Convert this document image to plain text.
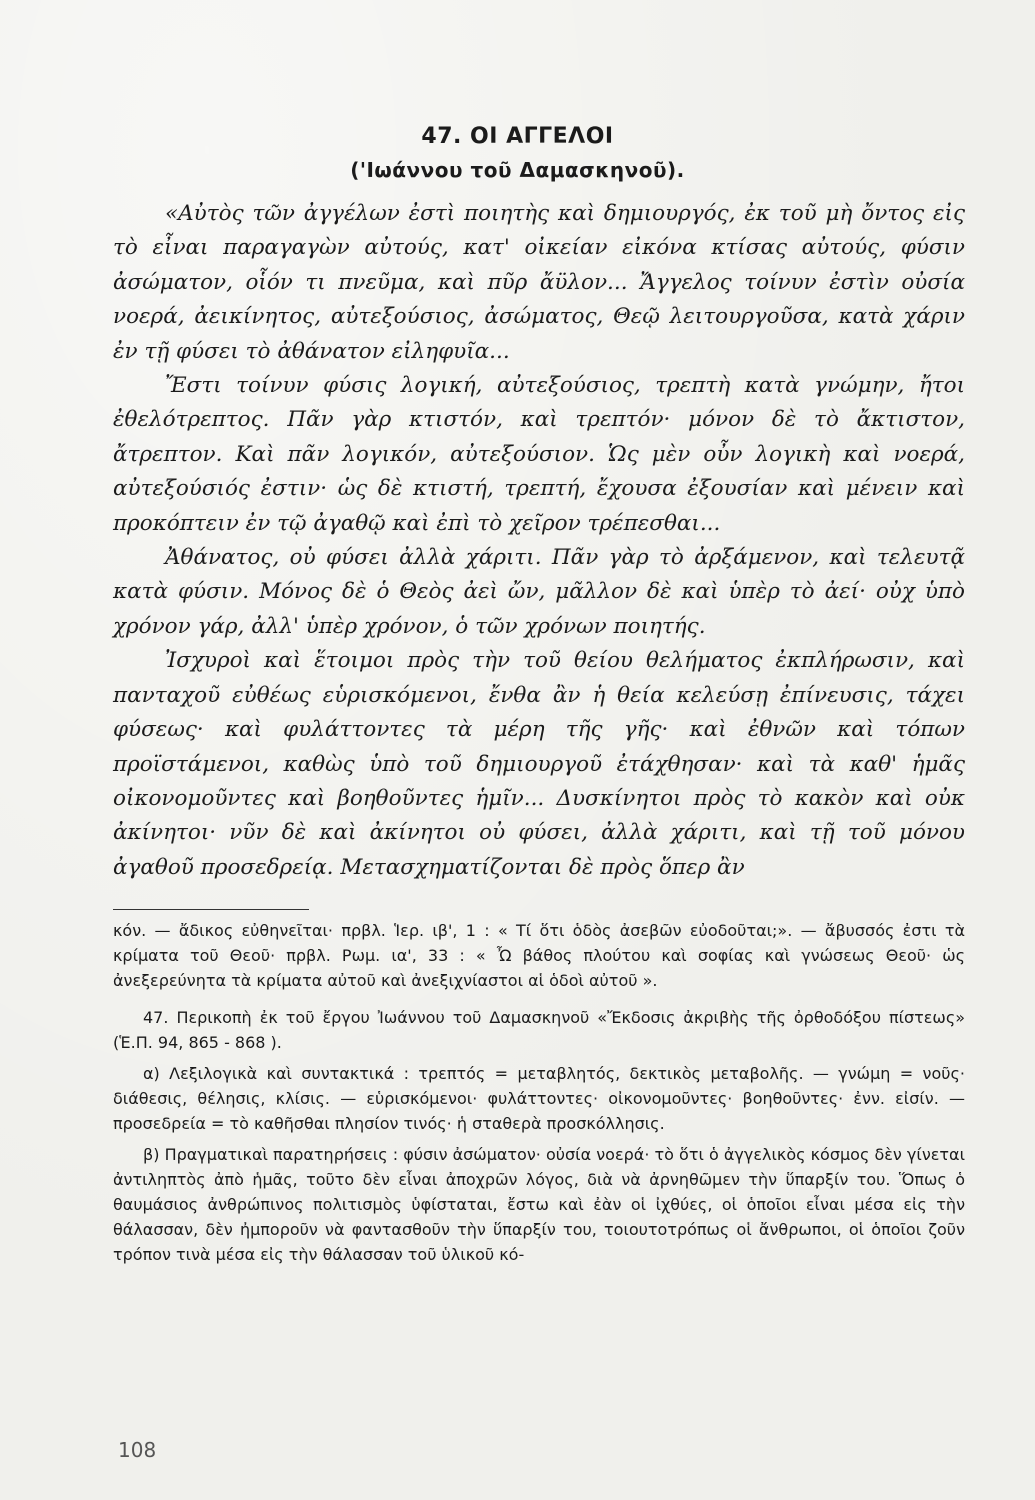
47. ΟΙ ΑΓΓΕΛΟΙ
('Ιωάννου τοῦ Δαμασκηνοῦ).

«Αὐτὸς τῶν ἀγγέλων ἐστὶ ποιητὴς καὶ δημιουργός, ἐκ τοῦ μὴ ὄντος εἰς τὸ εἶναι παραγαγὼν αὐτούς, κατ' οἰκείαν εἰκόνα κτίσας αὐτούς, φύσιν ἀσώματον, οἷόν τι πνεῦμα, καὶ πῦρ ἄϋλον... Ἄγγελος τοίνυν ἐστὶν οὐσία νοερά, ἀεικίνητος, αὐτεξούσιος, ἀσώματος, Θεῷ λειτουργοῦσα, κατὰ χάριν ἐν τῇ φύσει τὸ ἀθάνατον εἰληφυῖα...

Ἔστι τοίνυν φύσις λογική, αὐτεξούσιος, τρεπτὴ κατὰ γνώμην, ἤτοι ἐθελότρεπτος. Πᾶν γὰρ κτιστόν, καὶ τρεπτόν· μόνον δὲ τὸ ἄκτιστον, ἄτρεπτον. Καὶ πᾶν λογικόν, αὐτεξούσιον. Ὡς μὲν οὖν λογικὴ καὶ νοερά, αὐτεξούσιός ἐστιν· ὡς δὲ κτιστή, τρεπτή, ἔχουσα ἐξουσίαν καὶ μένειν καὶ προκόπτειν ἐν τῷ ἀγαθῷ καὶ ἐπὶ τὸ χεῖρον τρέπεσθαι...

Ἀθάνατος, οὐ φύσει ἀλλὰ χάριτι. Πᾶν γὰρ τὸ ἀρξάμενον, καὶ τελευτᾷ κατὰ φύσιν. Μόνος δὲ ὁ Θεὸς ἀεὶ ὤν, μᾶλλον δὲ καὶ ὑπὲρ τὸ ἀεί· οὐχ ὑπὸ χρόνον γάρ, ἀλλ' ὑπὲρ χρόνον, ὁ τῶν χρόνων ποιητής.

Ἰσχυροὶ καὶ ἕτοιμοι πρὸς τὴν τοῦ θείου θελήματος ἐκπλήρωσιν, καὶ πανταχοῦ εὐθέως εὑρισκόμενοι, ἔνθα ἂν ἡ θεία κελεύσῃ ἐπίνευσις, τάχει φύσεως· καὶ φυλάττοντες τὰ μέρη τῆς γῆς· καὶ ἐθνῶν καὶ τόπων προϊστάμενοι, καθὼς ὑπὸ τοῦ δημιουργοῦ ἐτάχθησαν· καὶ τὰ καθ' ἡμᾶς οἰκονομοῦντες καὶ βοηθοῦντες ἡμῖν... Δυσκίνητοι πρὸς τὸ κακὸν καὶ οὐκ ἀκίνητοι· νῦν δὲ καὶ ἀκίνητοι οὐ φύσει, ἀλλὰ χάριτι, καὶ τῇ τοῦ μόνου ἀγαθοῦ προσεδρείᾳ. Μετασχηματίζονται δὲ πρὸς ὅπερ ἂν

κόν. — ἄδικος εὐθηνεῖται· πρβλ. Ἱερ. ιβ', 1 : « Τί ὅτι ὁδὸς ἀσεβῶν εὐοδοῦται;». — ἄβυσσός ἐστι τὰ κρίματα τοῦ Θεοῦ· πρβλ. Ρωμ. ια', 33 : « Ὦ βάθος πλούτου καὶ σοφίας καὶ γνώσεως Θεοῦ· ὡς ἀνεξερεύνητα τὰ κρίματα αὐτοῦ καὶ ἀνεξιχνίαστοι αἱ ὁδοὶ αὐτοῦ ».

47. Περικοπὴ ἐκ τοῦ ἔργου Ἰωάννου τοῦ Δαμασκηνοῦ «Ἔκδοσις ἀκριβὴς τῆς ὀρθοδόξου πίστεως» (Ἑ.Π. 94, 865 - 868 ).

α) Λεξιλογικὰ καὶ συντακτικά : τρεπτός = μεταβλητός, δεκτικὸς μεταβολῆς. — γνώμη = νοῦς· διάθεσις, θέλησις, κλίσις. — εὑρισκόμενοι· φυλάττοντες· οἰκονομοῦντες· βοηθοῦντες· ἐνν. εἰσίν. — προσεδρεία = τὸ καθῆσθαι πλησίον τινός· ἡ σταθερὰ προσκόλλησις.

β) Πραγματικαὶ παρατηρήσεις : φύσιν ἀσώματον· οὐσία νοερά· τὸ ὅτι ὁ ἀγγελικὸς κόσμος δὲν γίνεται ἀντιληπτὸς ἀπὸ ἡμᾶς, τοῦτο δὲν εἶναι ἀποχρῶν λόγος, διὰ νὰ ἀρνηθῶμεν τὴν ὕπαρξίν του. Ὅπως ὁ θαυμάσιος ἀνθρώπινος πολιτισμὸς ὑφίσταται, ἔστω καὶ ἐὰν οἱ ἰχθύες, οἱ ὁποῖοι εἶναι μέσα εἰς τὴν θάλασσαν, δὲν ἠμποροῦν νὰ φαντασθοῦν τὴν ὕπαρξίν του, τοιουτοτρόπως οἱ ἄνθρωποι, οἱ ὁποῖοι ζοῦν τρόπον τινὰ μέσα εἰς τὴν θάλασσαν τοῦ ὑλικοῦ κό-

108
